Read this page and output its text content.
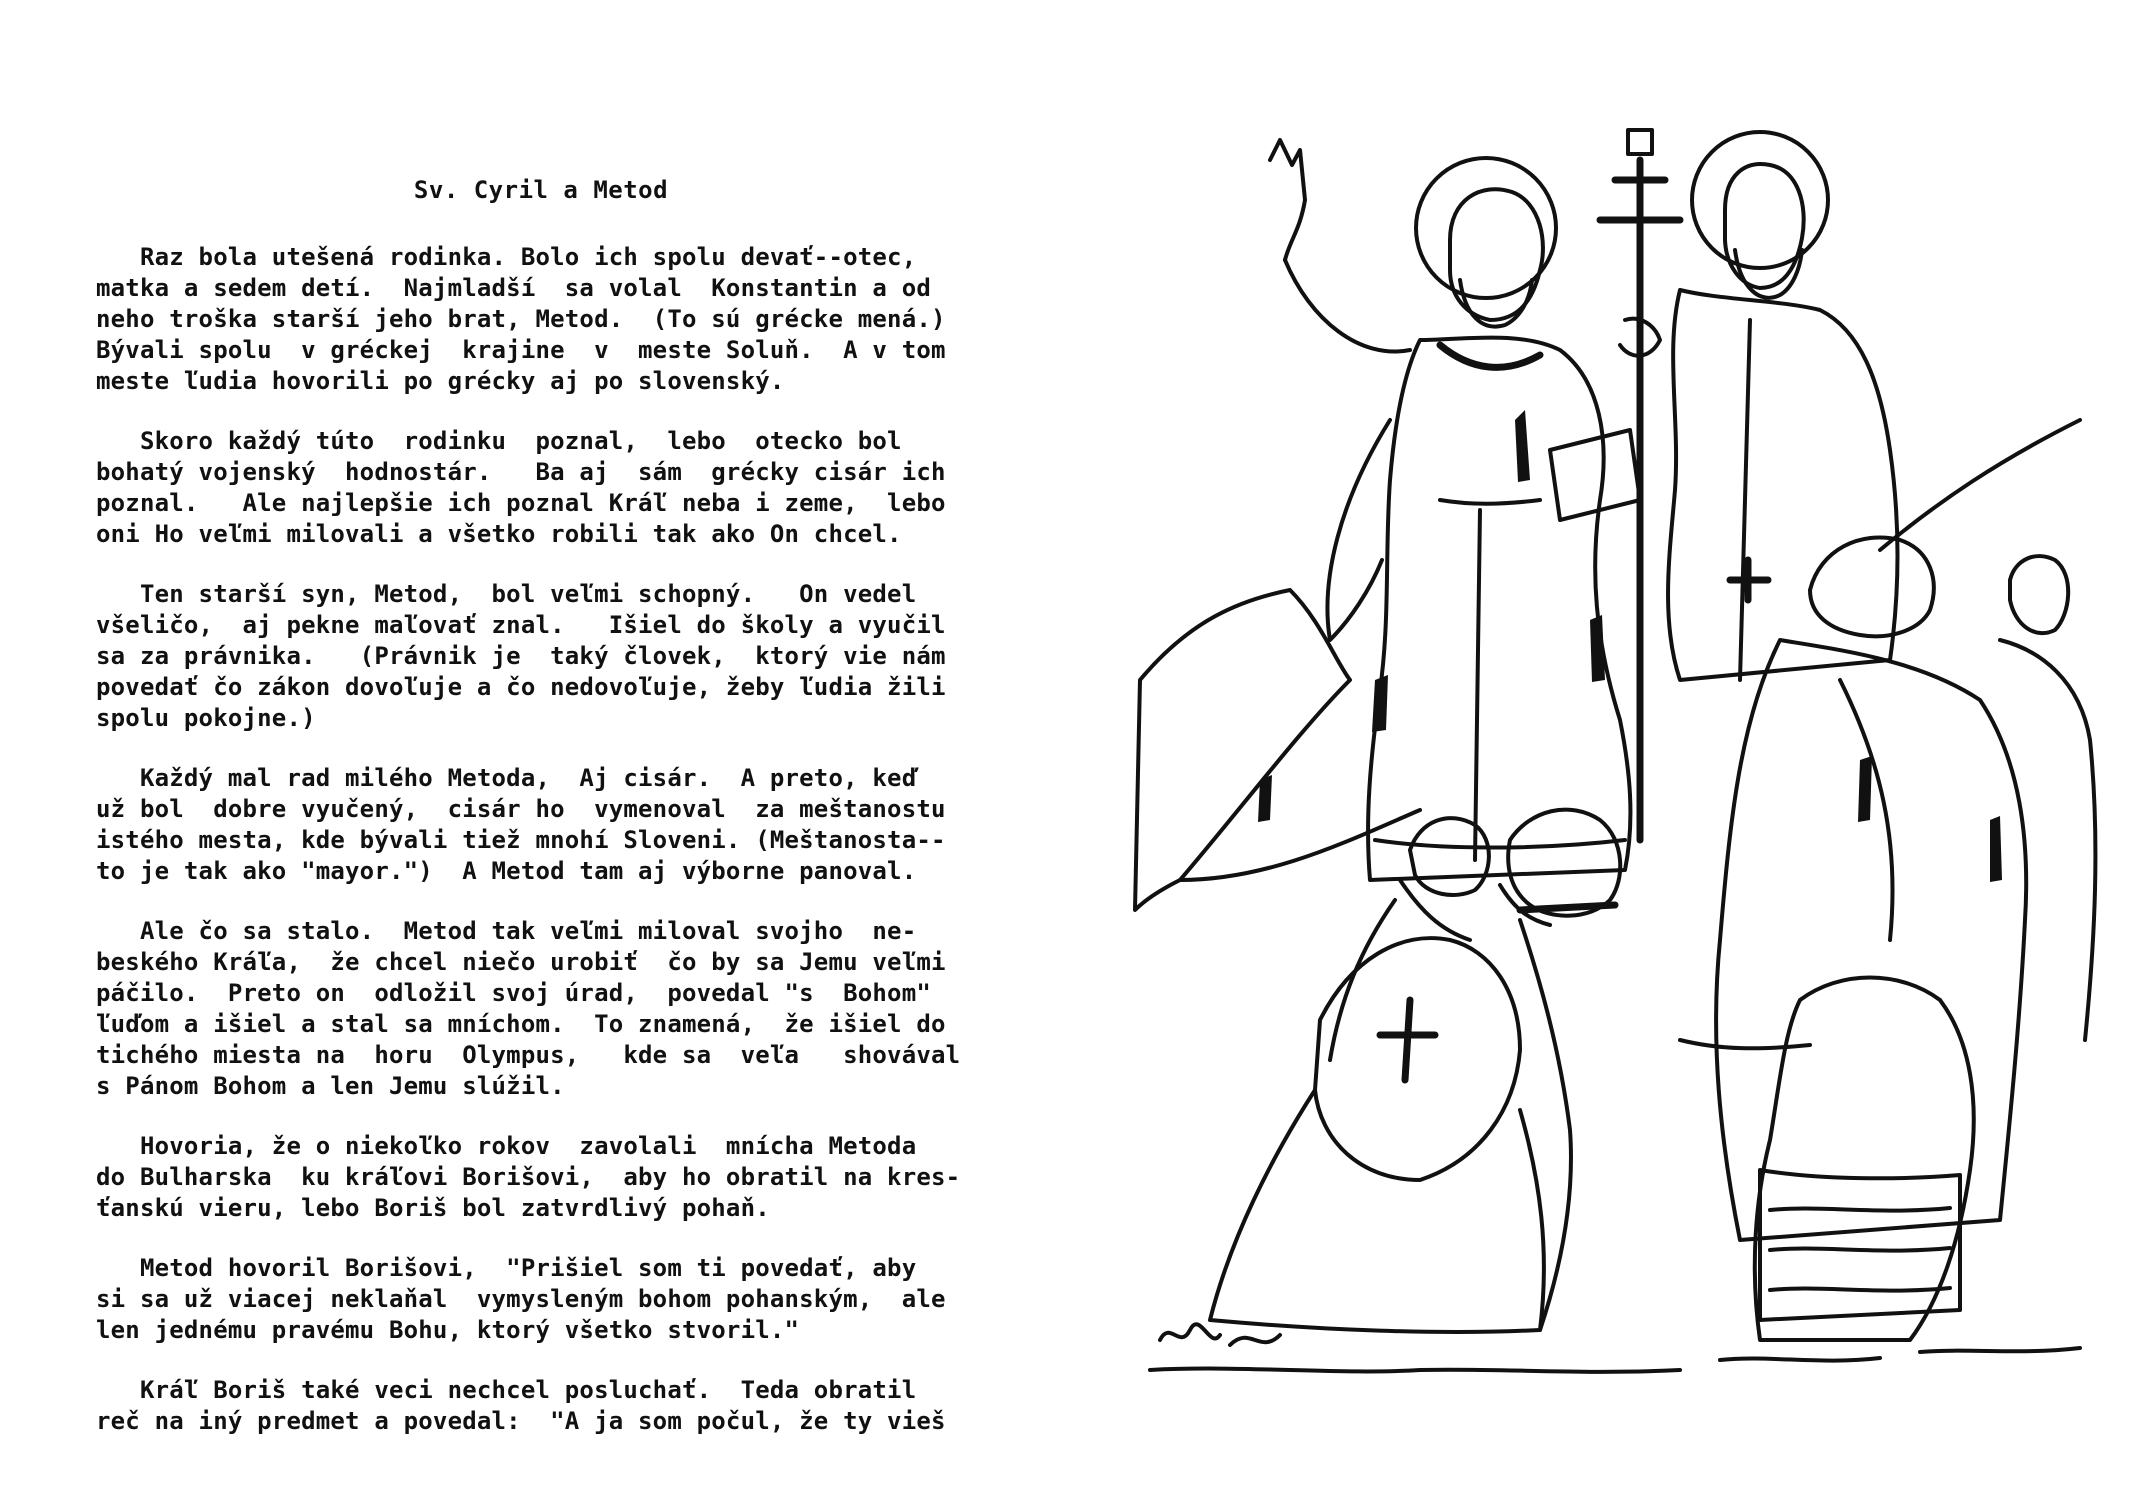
Sv. Cyril a Metod
Raz bola utešená rodinka. Bolo ich spolu devať--otec,
matka a sedem detí.  Najmladší  sa volal  Konstantin a od
neho troška starší jeho brat, Metod.  (To sú grécke mená.)
Bývali spolu  v gréckej  krajine  v  meste Soluň.  A v tom
meste ľudia hovorili po grécky aj po slovenský.
Skoro každý túto  rodinku  poznal,  lebo  otecko bol
bohatý vojenský  hodnostár.   Ba aj  sám  grécky cisár ich
poznal.   Ale najlepšie ich poznal Kráľ neba i zeme,  lebo
oni Ho veľmi milovali a všetko robili tak ako On chcel.
Ten starší syn, Metod,  bol veľmi schopný.   On vedel
všeličo,  aj pekne maľovať znal.   Išiel do školy a vyučil
sa za právnika.   (Právnik je  taký človek,  ktorý vie nám
povedať čo zákon dovoľuje a čo nedovoľuje, žeby ľudia žili
spolu pokojne.)
Každý mal rad milého Metoda,  Aj cisár.  A preto, keď
už bol  dobre vyučený,  cisár ho  vymenoval  za meštanostu
istého mesta, kde bývali tiež mnohí Sloveni. (Meštanosta--
to je tak ako "mayor.")  A Metod tam aj výborne panoval.
Ale čo sa stalo.  Metod tak veľmi miloval svojho  ne-
beského Kráľa,  že chcel niečo urobiť  čo by sa Jemu veľmi
páčilo.  Preto on  odložil svoj úrad,  povedal "s  Bohom"
ľuďom a išiel a stal sa mníchom.  To znamená,  že išiel do
tichého miesta na  horu  Olympus,   kde sa  veľa   shovával
s Pánom Bohom a len Jemu slúžil.
Hovoria, že o niekoľko rokov  zavolali  mnícha Metoda
do Bulharska  ku kráľovi Borišovi,  aby ho obratil na kres-
ťanskú vieru, lebo Boriš bol zatvrdlivý pohaň.
Metod hovoril Borišovi,  "Prišiel som ti povedať, aby
si sa už viacej neklaňal  vymysleným bohom pohanským,  ale
len jednému pravému Bohu, ktorý všetko stvoril."
Kráľ Boriš také veci nechcel posluchať.  Teda obratil
reč na iný predmet a povedal:  "A ja som počul, že ty vieš
